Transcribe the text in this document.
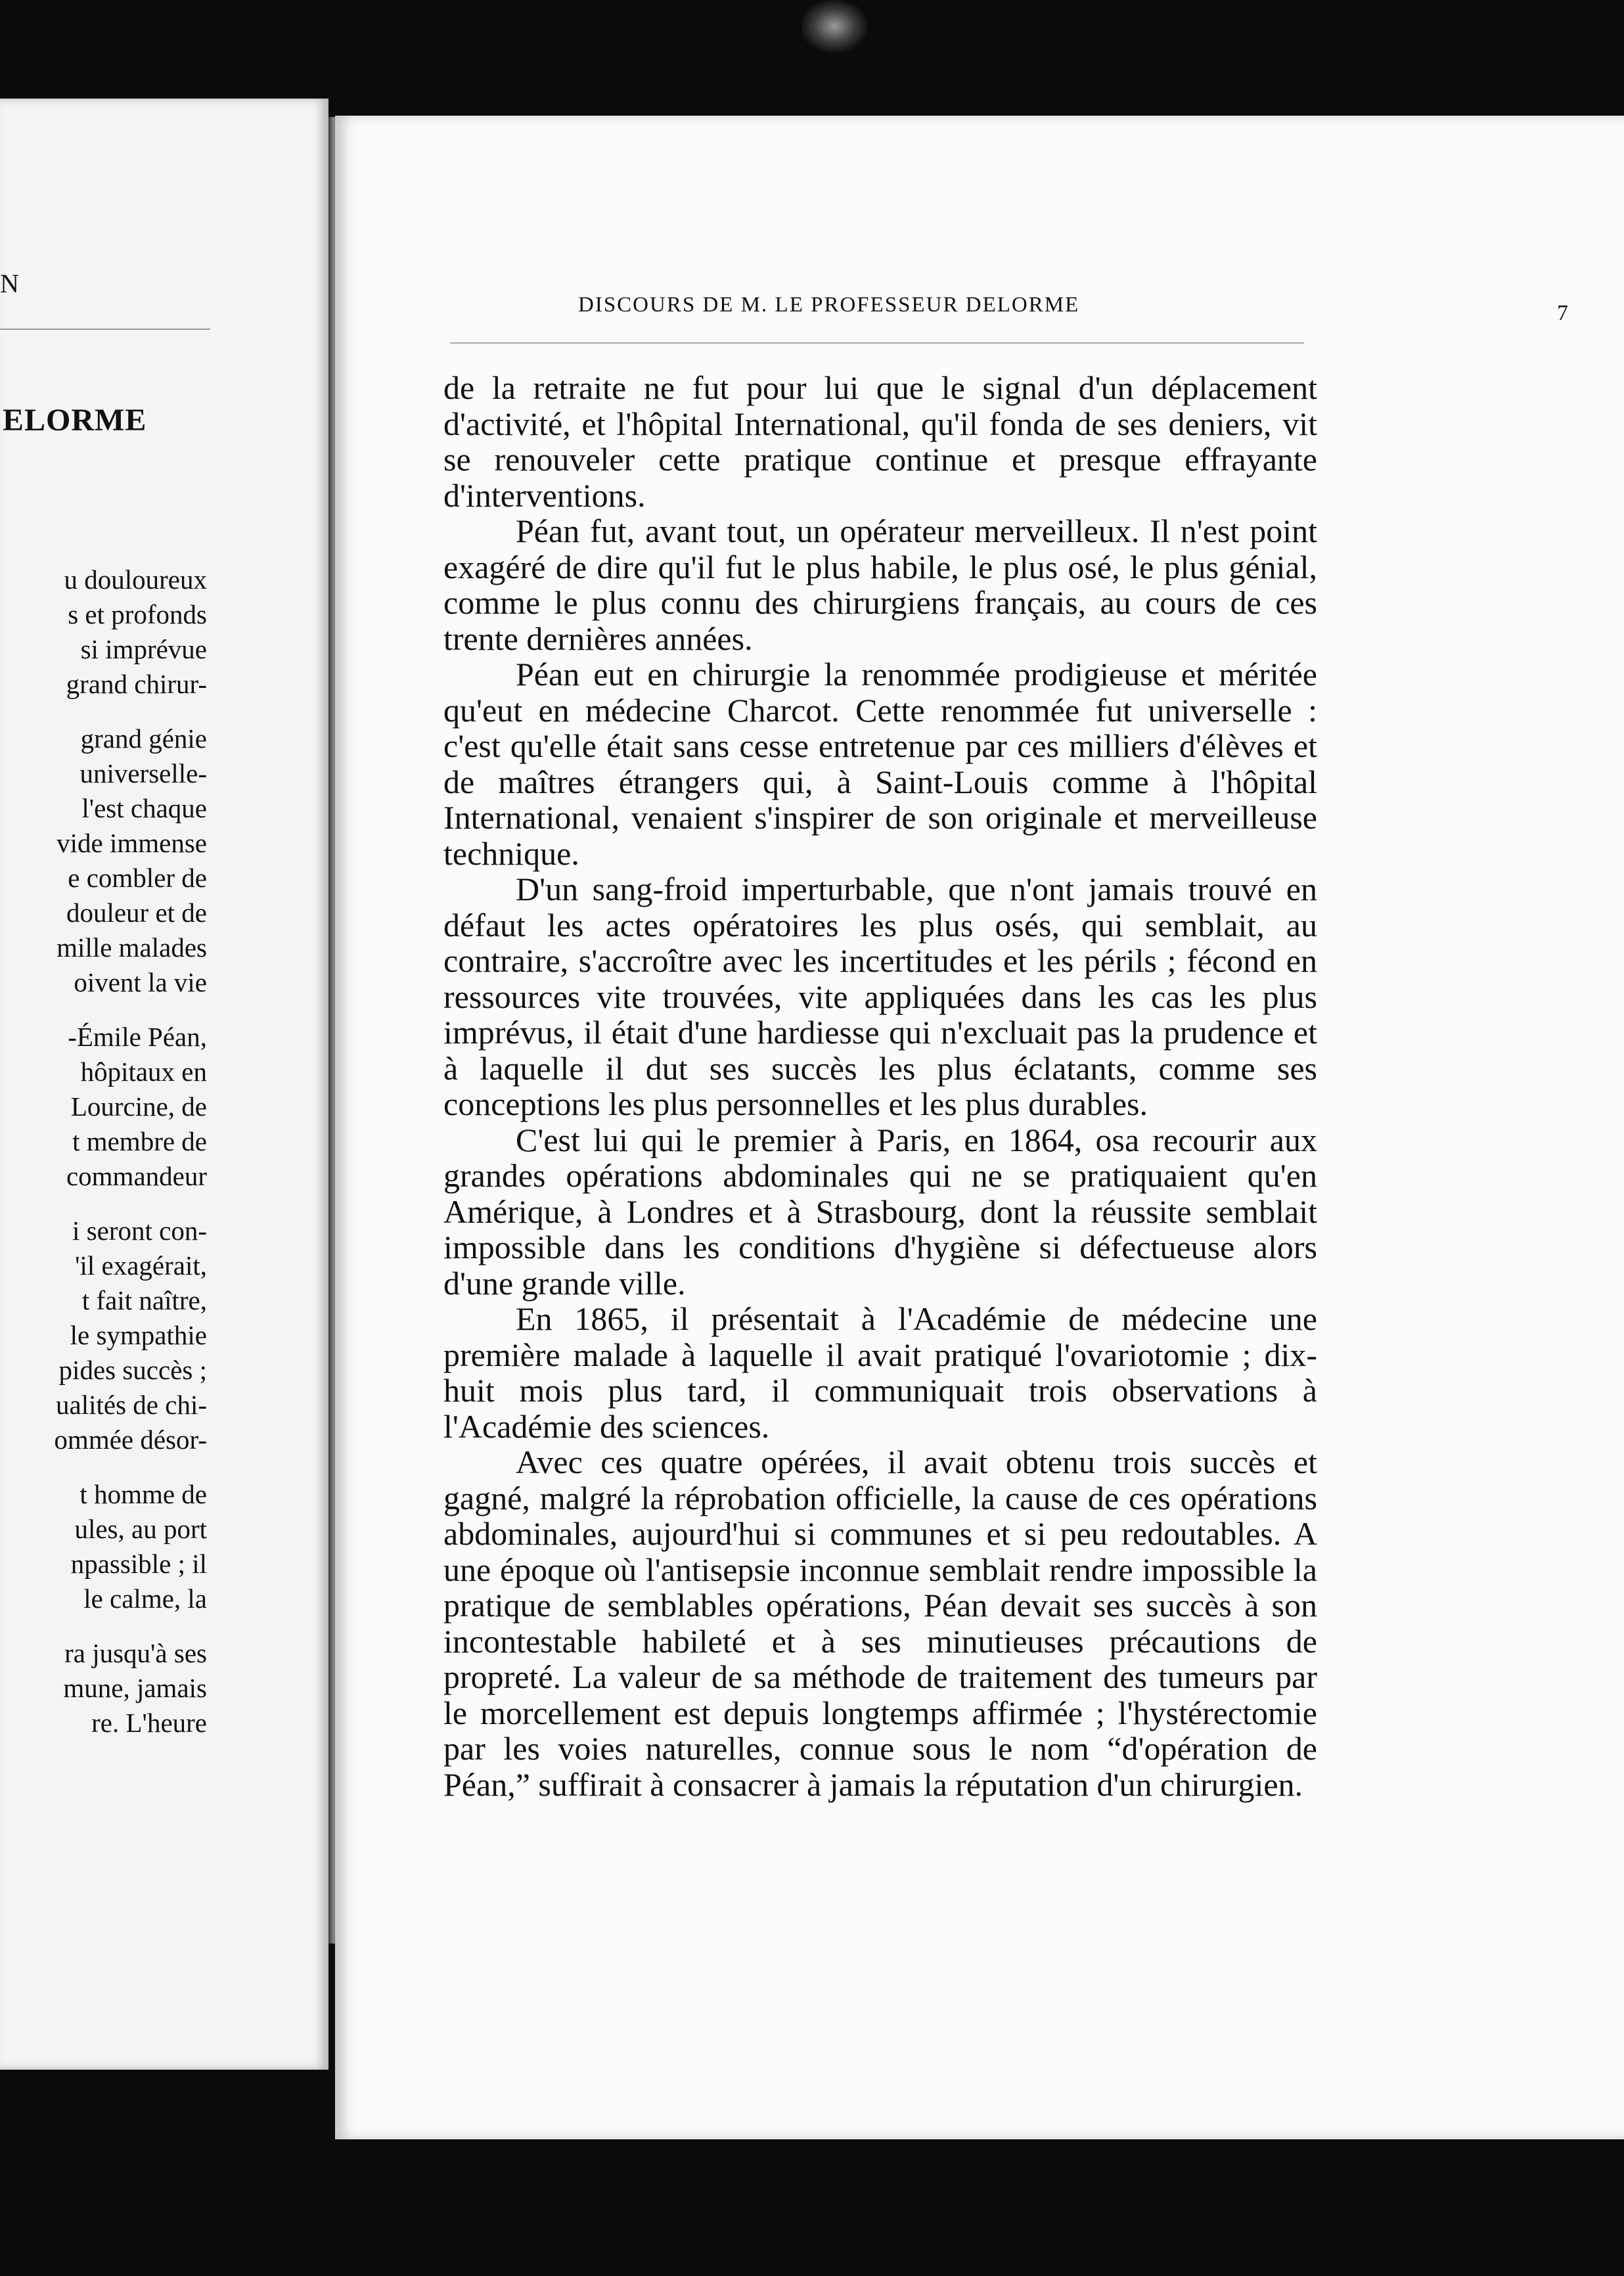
N
ELORME
u douloureux
s et profonds
si imprévue
grand chirur-
grand génie
universelle-
l'est chaque
vide immense
e combler de
douleur et de
mille malades
oivent la vie
-Émile Péan,
hôpitaux en
Lourcine, de
t membre de
commandeur
i seront con-
'il exagérait,
t fait naître,
le sympathie
pides succès ;
ualités de chi-
ommée désor-
t homme de
ules, au port
npassible ; il
le calme, la
ra jusqu'à ses
mune, jamais
re. L'heure
DISCOURS DE M. LE PROFESSEUR DELORME	7

de la retraite ne fut pour lui que le signal d'un déplacement d'activité, et l'hôpital International, qu'il fonda de ses deniers, vit se renouveler cette pratique continue et presque effrayante d'interventions.

Péan fut, avant tout, un opérateur merveilleux. Il n'est point exagéré de dire qu'il fut le plus habile, le plus osé, le plus génial, comme le plus connu des chirurgiens français, au cours de ces trente dernières années.

Péan eut en chirurgie la renommée prodigieuse et méritée qu'eut en médecine Charcot. Cette renommée fut universelle : c'est qu'elle était sans cesse entretenue par ces milliers d'élèves et de maîtres étrangers qui, à Saint-Louis comme à l'hôpital International, venaient s'inspirer de son originale et merveilleuse technique.

D'un sang-froid imperturbable, que n'ont jamais trouvé en défaut les actes opératoires les plus osés, qui semblait, au contraire, s'accroître avec les incertitudes et les périls ; fécond en ressources vite trouvées, vite appliquées dans les cas les plus imprévus, il était d'une hardiesse qui n'excluait pas la prudence et à laquelle il dut ses succès les plus éclatants, comme ses conceptions les plus personnelles et les plus durables.

C'est lui qui le premier à Paris, en 1864, osa recourir aux grandes opérations abdominales qui ne se pratiquaient qu'en Amérique, à Londres et à Strasbourg, dont la réussite semblait impossible dans les conditions d'hygiène si défectueuse alors d'une grande ville.

En 1865, il présentait à l'Académie de médecine une première malade à laquelle il avait pratiqué l'ovariotomie ; dix-huit mois plus tard, il communiquait trois observations à l'Académie des sciences.

Avec ces quatre opérées, il avait obtenu trois succès et gagné, malgré la réprobation officielle, la cause de ces opérations abdominales, aujourd'hui si communes et si peu redoutables. A une époque où l'antisepsie inconnue semblait rendre impossible la pratique de semblables opérations, Péan devait ses succès à son incontestable habileté et à ses minutieuses précautions de propreté. La valeur de sa méthode de traitement des tumeurs par le morcellement est depuis longtemps affirmée ; l'hystérectomie par les voies naturelles, connue sous le nom “d'opération de Péan,” suffirait à consacrer à jamais la réputation d'un chirurgien.
